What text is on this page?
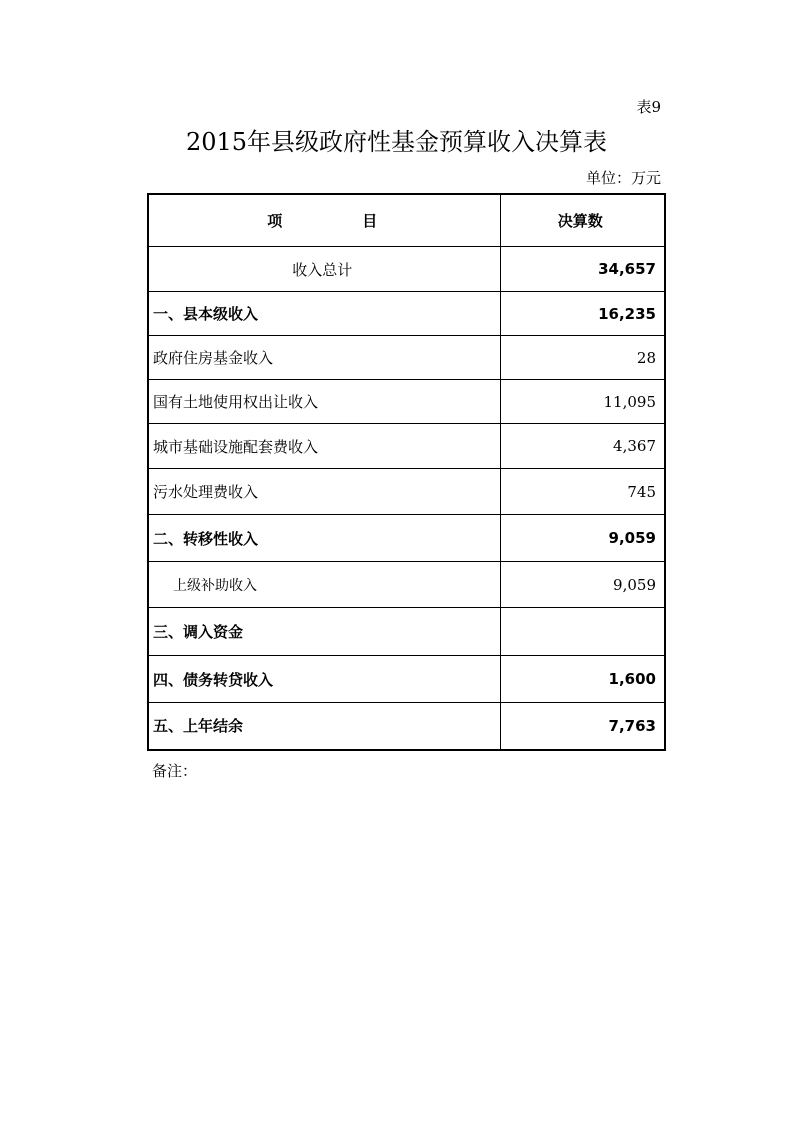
表9
2015年县级政府性基金预算收入决算表
单位：万元
项 目	决算数
收入总计	34,657
一、县本级收入	16,235
政府住房基金收入	28
国有土地使用权出让收入	11,095
城市基础设施配套费收入	4,367
污水处理费收入	745
二、转移性收入	9,059
上级补助收入	9,059
三、调入资金	
四、债务转贷收入	1,600
五、上年结余	7,763
备注：
